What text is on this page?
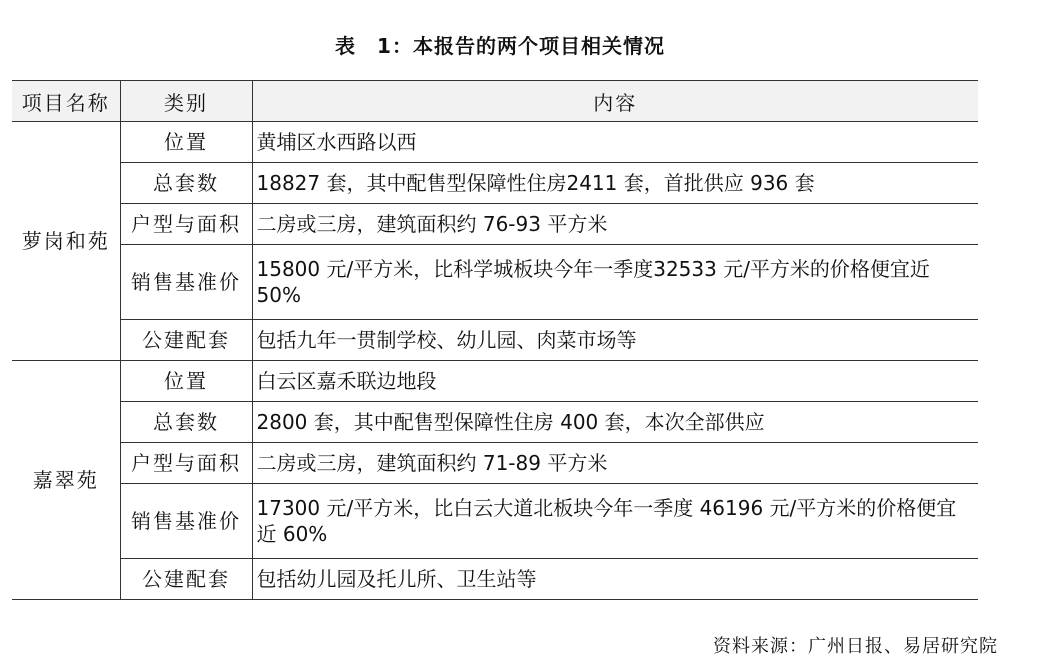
表　1：本报告的两个项目相关情况
项目名称	类别	内容
萝岗和苑	位置	黄埔区水西路以西
	总套数	18827 套，其中配售型保障性住房2411 套，首批供应 936 套
	户型与面积	二房或三房，建筑面积约 76-93 平方米
	销售基准价	15800 元/平方米，比科学城板块今年一季度32533 元/平方米的价格便宜近 50%
	公建配套	包括九年一贯制学校、幼儿园、肉菜市场等
嘉翠苑	位置	白云区嘉禾联边地段
	总套数	2800 套，其中配售型保障性住房 400 套，本次全部供应
	户型与面积	二房或三房，建筑面积约 71-89 平方米
	销售基准价	17300 元/平方米，比白云大道北板块今年一季度 46196 元/平方米的价格便宜近 60%
	公建配套	包括幼儿园及托儿所、卫生站等
资料来源：广州日报、易居研究院
